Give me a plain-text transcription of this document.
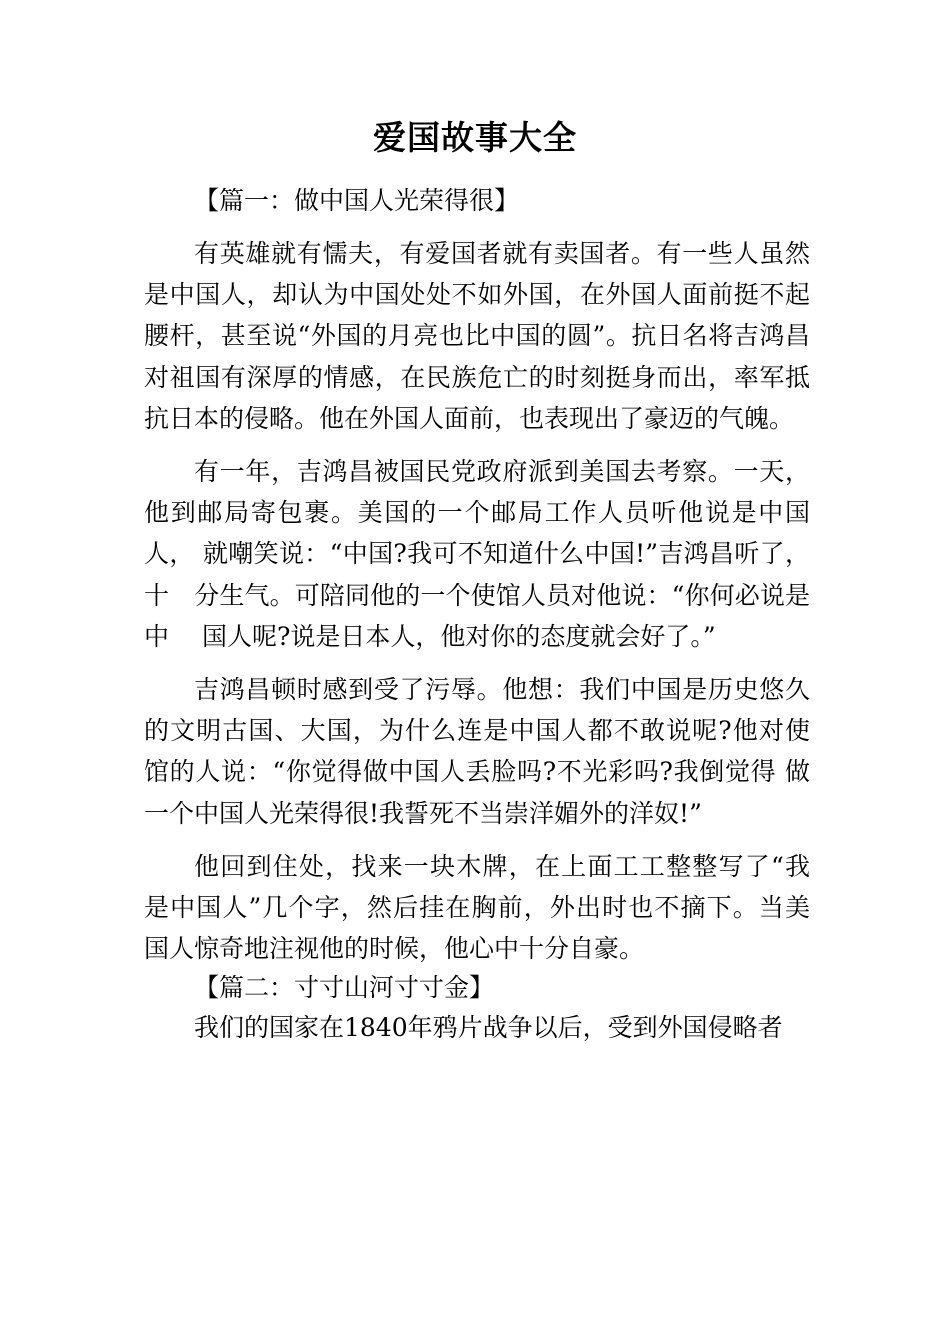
爱国故事大全

【篇一：做中国人光荣得很】

有英雄就有懦夫，有爱国者就有卖国者。有一些人虽然是中国人，却认为中国处处不如外国，在外国人面前挺不起腰杆，甚至说“外国的月亮也比中国的圆”。抗日名将吉鸿昌对祖国有深厚的情感，在民族危亡的时刻挺身而出，率军抵抗日本的侵略。他在外国人面前，也表现出了豪迈的气魄。

有一年，吉鸿昌被国民党政府派到美国去考察。一天，他到邮局寄包裹。美国的一个邮局工作人员听他说是中国人， 就嘲笑说：“中国?我可不知道什么中国!”吉鸿昌听了，十　分生气。可陪同他的一个使馆人员对他说：“你何必说是中　 国人呢?说是日本人，他对你的态度就会好了。”

吉鸿昌顿时感到受了污辱。他想：我们中国是历史悠久 的文明古国、大国，为什么连是中国人都不敢说呢?他对使 馆的人说：“你觉得做中国人丢脸吗?不光彩吗?我倒觉得 做一个中国人光荣得很!我誓死不当崇洋媚外的洋奴!”

他回到住处，找来一块木牌，在上面工工整整写了“我 是中国人”几个字，然后挂在胸前，外出时也不摘下。当美 国人惊奇地注视他的时候，他心中十分自豪。

【篇二：寸寸山河寸寸金】

我们的国家在1840年鸦片战争以后，受到外国侵略者
